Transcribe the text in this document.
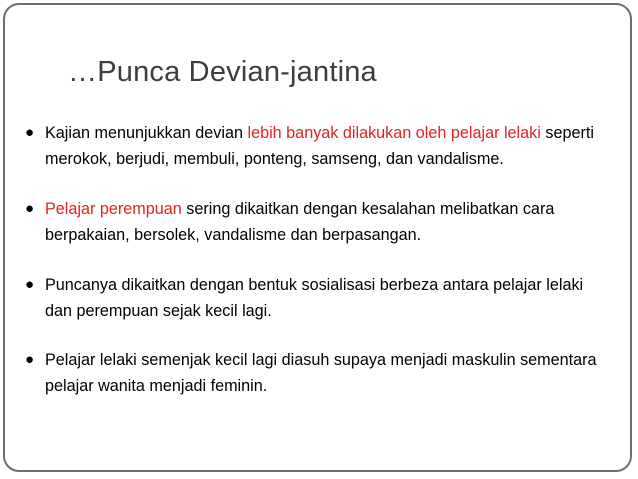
…Punca Devian-jantina
● Kajian menunjukkan devian lebih banyak dilakukan oleh pelajar lelaki seperti merokok, berjudi, membuli, ponteng, samseng, dan vandalisme.
● Pelajar perempuan sering dikaitkan dengan kesalahan melibatkan cara berpakaian, bersolek, vandalisme dan berpasangan.
● Puncanya dikaitkan dengan bentuk sosialisasi berbeza antara pelajar lelaki dan perempuan sejak kecil lagi.
● Pelajar lelaki semenjak kecil lagi diasuh supaya menjadi maskulin sementara pelajar wanita menjadi feminin.
